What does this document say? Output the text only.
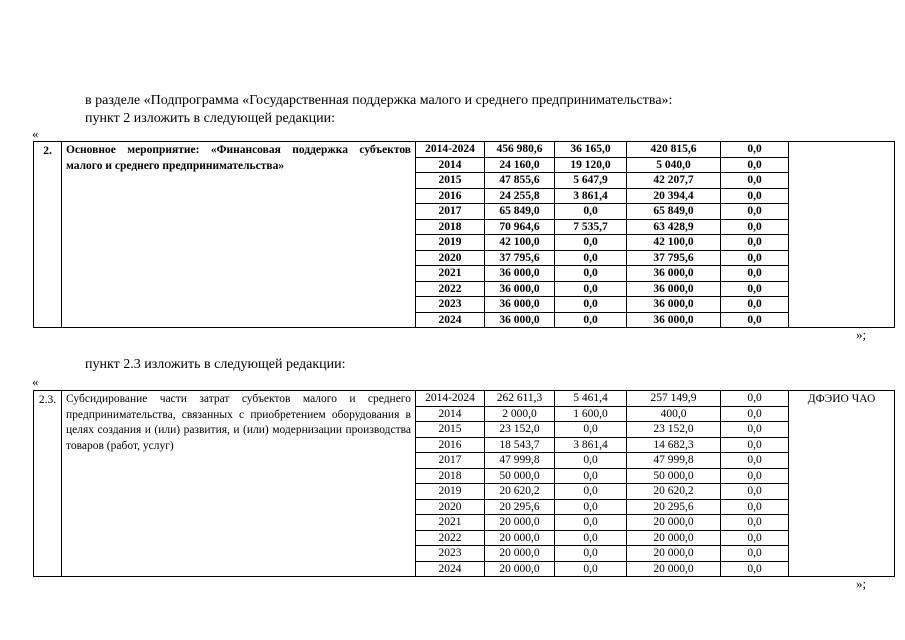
в разделе «Подпрограмма «Государственная поддержка малого и среднего предпринимательства»:
пункт 2 изложить в следующей редакции:
«
2.	Основное мероприятие: «Финансовая поддержка субъектов малого и среднего предпринимательства»	2014-2024	456 980,6	36 165,0	420 815,6	0,0	
		2014	24 160,0	19 120,0	5 040,0	0,0	
		2015	47 855,6	5 647,9	42 207,7	0,0	
		2016	24 255,8	3 861,4	20 394,4	0,0	
		2017	65 849,0	0,0	65 849,0	0,0	
		2018	70 964,6	7 535,7	63 428,9	0,0	
		2019	42 100,0	0,0	42 100,0	0,0	
		2020	37 795,6	0,0	37 795,6	0,0	
		2021	36 000,0	0,0	36 000,0	0,0	
		2022	36 000,0	0,0	36 000,0	0,0	
		2023	36 000,0	0,0	36 000,0	0,0	
		2024	36 000,0	0,0	36 000,0	0,0	
»;
пункт 2.3 изложить в следующей редакции:
«
2.3.	Субсидирование части затрат субъектов малого и среднего предпринимательства, связанных с приобретением оборудования в целях создания и (или) развития, и (или) модернизации производства товаров (работ, услуг)	2014-2024	262 611,3	5 461,4	257 149,9	0,0	ДФЭИО ЧАО
		2014	2 000,0	1 600,0	400,0	0,0	
		2015	23 152,0	0,0	23 152,0	0,0	
		2016	18 543,7	3 861,4	14 682,3	0,0	
		2017	47 999,8	0,0	47 999,8	0,0	
		2018	50 000,0	0,0	50 000,0	0,0	
		2019	20 620,2	0,0	20 620,2	0,0	
		2020	20 295,6	0,0	20 295,6	0,0	
		2021	20 000,0	0,0	20 000,0	0,0	
		2022	20 000,0	0,0	20 000,0	0,0	
		2023	20 000,0	0,0	20 000,0	0,0	
		2024	20 000,0	0,0	20 000,0	0,0	
»;
